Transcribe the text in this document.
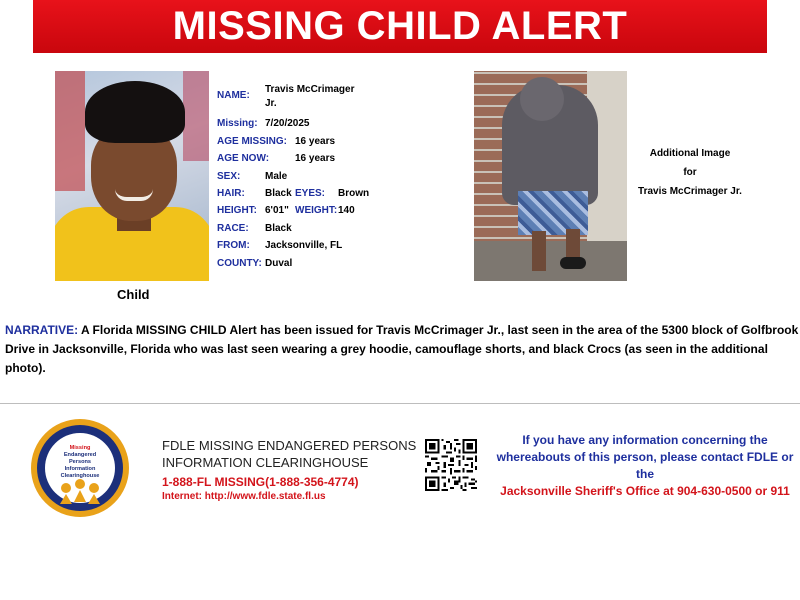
MISSING CHILD ALERT
Child
NAME:
Travis McCrimager
Jr.
Missing: 7/20/2025
AGE MISSING: 16 years
AGE NOW:	16 years
SEX: Male
HAIR: Black EYES: Brown
HEIGHT: 6'01" WEIGHT: 140
RACE: Black
FROM: Jacksonville, FL
COUNTY: Duval
Additional Image
for
Travis McCrimager Jr.
NARRATIVE: A Florida MISSING CHILD Alert has been issued for Travis McCrimager Jr., last seen in the area of the 5300 block of Golfbrook Drive in Jacksonville, Florida who was last seen wearing a grey hoodie, camouflage shorts, and black Crocs (as seen in the additional photo).
Missing
Endangered
Persons
Information
Clearinghouse
FDLE MISSING ENDANGERED PERSONS
INFORMATION CLEARINGHOUSE
1-888-FL MISSING(1-888-356-4774)
Internet: http://www.fdle.state.fl.us
If you have any information concerning the
whereabouts of this person, please contact FDLE or
the
Jacksonville Sheriff's Office at 904-630-0500 or 911
